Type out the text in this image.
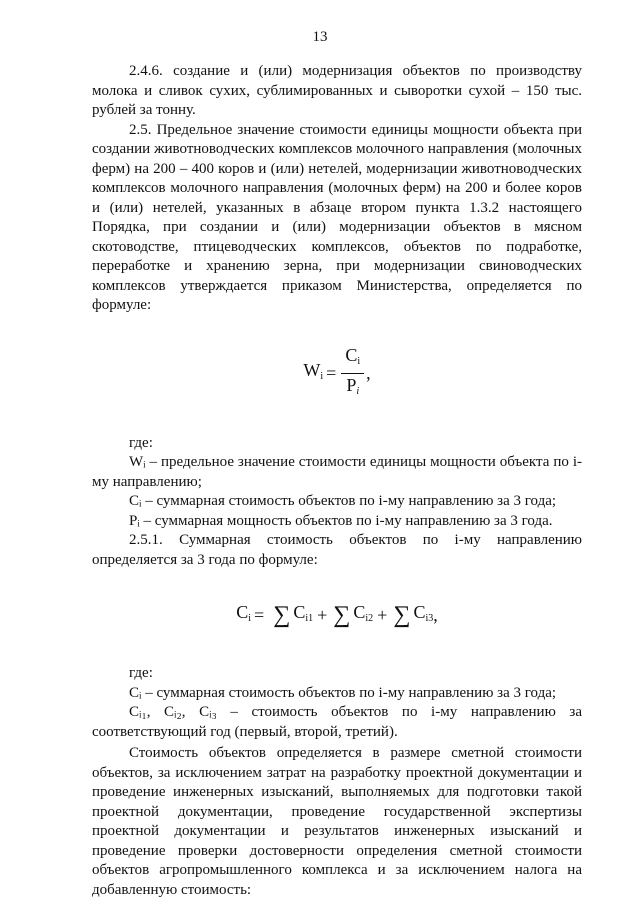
13

2.4.6. создание и (или) модернизация объектов по производству молока и сливок сухих, сублимированных и сыворотки сухой – 150 тыс. рублей за тонну.

2.5. Предельное значение стоимости единицы мощности объекта при создании животноводческих комплексов молочного направления (молочных ферм) на 200 – 400 коров и (или) нетелей, модернизации животноводческих комплексов молочного направления (молочных ферм) на 200 и более коров и (или) нетелей, указанных в абзаце втором пункта 1.3.2 настоящего Порядка, при создании и (или) модернизации объектов в мясном скотоводстве, птицеводческих комплексов, объектов по подработке, переработке и хранению зерна, при модернизации свиноводческих комплексов утверждается приказом Министерства, определяется по формуле:

$W_i = \frac{C_i}{Pi}$ ,

где:

Wᵢ – предельное значение стоимости единицы мощности объекта по i-му направлению;

Cᵢ – суммарная стоимость объектов по i-му направлению за 3 года;

Pᵢ – суммарная мощность объектов по i-му направлению за 3 года.

2.5.1. Суммарная стоимость объектов по i-му направлению определяется за 3 года по формуле:

$C_i$ = ∑ $C_{i1}$ + ∑ $C_{i2}$ + ∑ $C_{i3}$ ,

где:

Cᵢ – суммарная стоимость объектов по i-му направлению за 3 года;

Cᵢ₁, Cᵢ₂, Cᵢ₃ – стоимость объектов по i-му направлению за соответствующий год (первый, второй, третий).

Стоимость объектов определяется в размере сметной стоимости объектов, за исключением затрат на разработку проектной документации и проведение инженерных изысканий, выполняемых для подготовки такой проектной документации, проведение государственной экспертизы проектной документации и результатов инженерных изысканий и проведение проверки достоверности определения сметной стоимости объектов агропромышленного комплекса и за исключением налога на добавленную стоимость:
